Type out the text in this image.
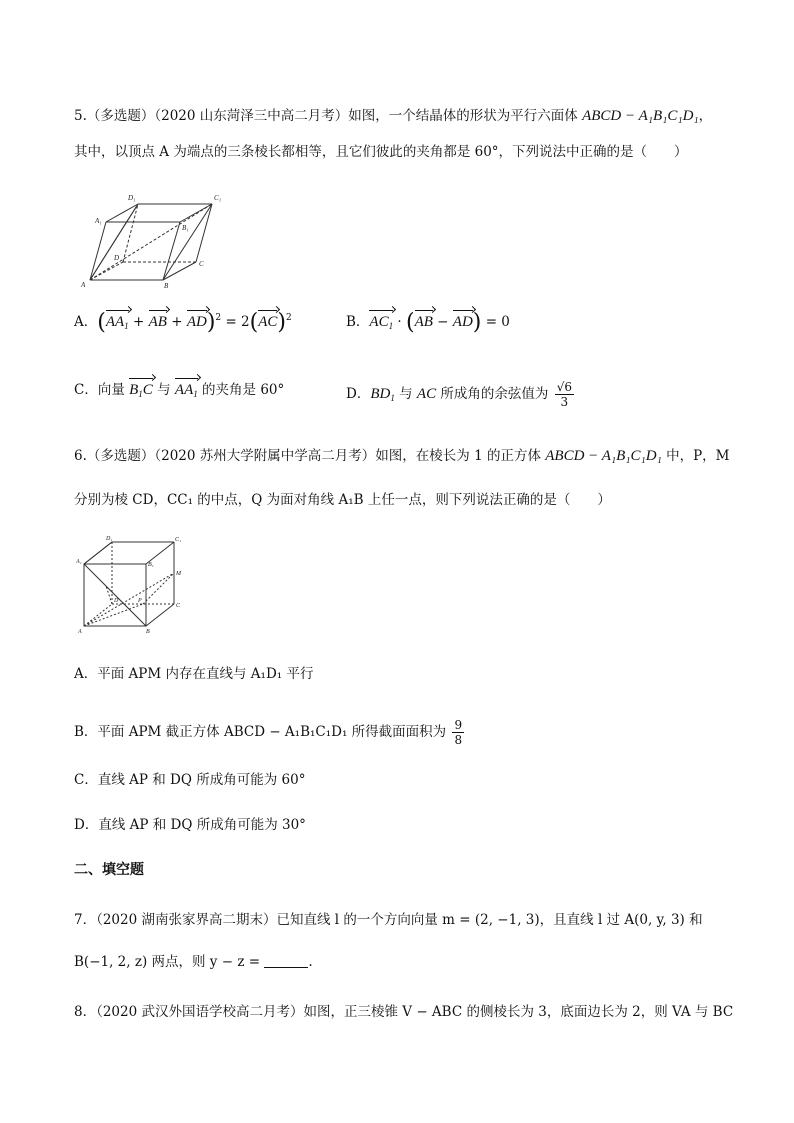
5.（多选题）（2020 山东菏泽三中高二月考）如图，一个结晶体的形状为平行六面体 ABCD − A₁B₁C₁D₁，
其中，以顶点 A 为端点的三条棱长都相等，且它们彼此的夹角都是 60°，下列说法中正确的是（　　）
D₁	C₁
A₁
B₁
D
C
A	B
A．($AA_1$ + AB + AD)$^2$ = 2(AC)$^2$	B．$AC_1 \cdot (AB - AD) = 0$
C．向量 $B_1C$ 与 $AA_1$ 的夹角是 60°	D．$BD_1$ 与 AC 所成角的余弦值为 $\frac{√6}{3}$
6.（多选题）（2020 苏州大学附属中学高二月考）如图，在棱长为 1 的正方体 ABCD − A₁B₁C₁D₁ 中，P，M
分别为棱 CD，CC₁ 的中点，Q 为面对角线 A₁B 上任一点，则下列说法正确的是（　　）
D₁	C₁
A₁	B₁
M
D	P
C
A	B
A．平面 APM 内存在直线与 A₁D₁ 平行
B．平面 APM 截正方体 ABCD − A₁B₁C₁D₁ 所得截面面积为 $\frac{9}{8}$
C．直线 AP 和 DQ 所成角可能为 60°
D．直线 AP 和 DQ 所成角可能为 30°
二、填空题
7．（2020 湖南张家界高二期末）已知直线 l 的一个方向向量 m = (2, −1, 3)，且直线 l 过 A(0, y, 3) 和
B(−1, 2, z) 两点，则 y − z =	.
8．（2020 武汉外国语学校高二月考）如图，正三棱锥 V − ABC 的侧棱长为 3，底面边长为 2，则 VA 与 BC
